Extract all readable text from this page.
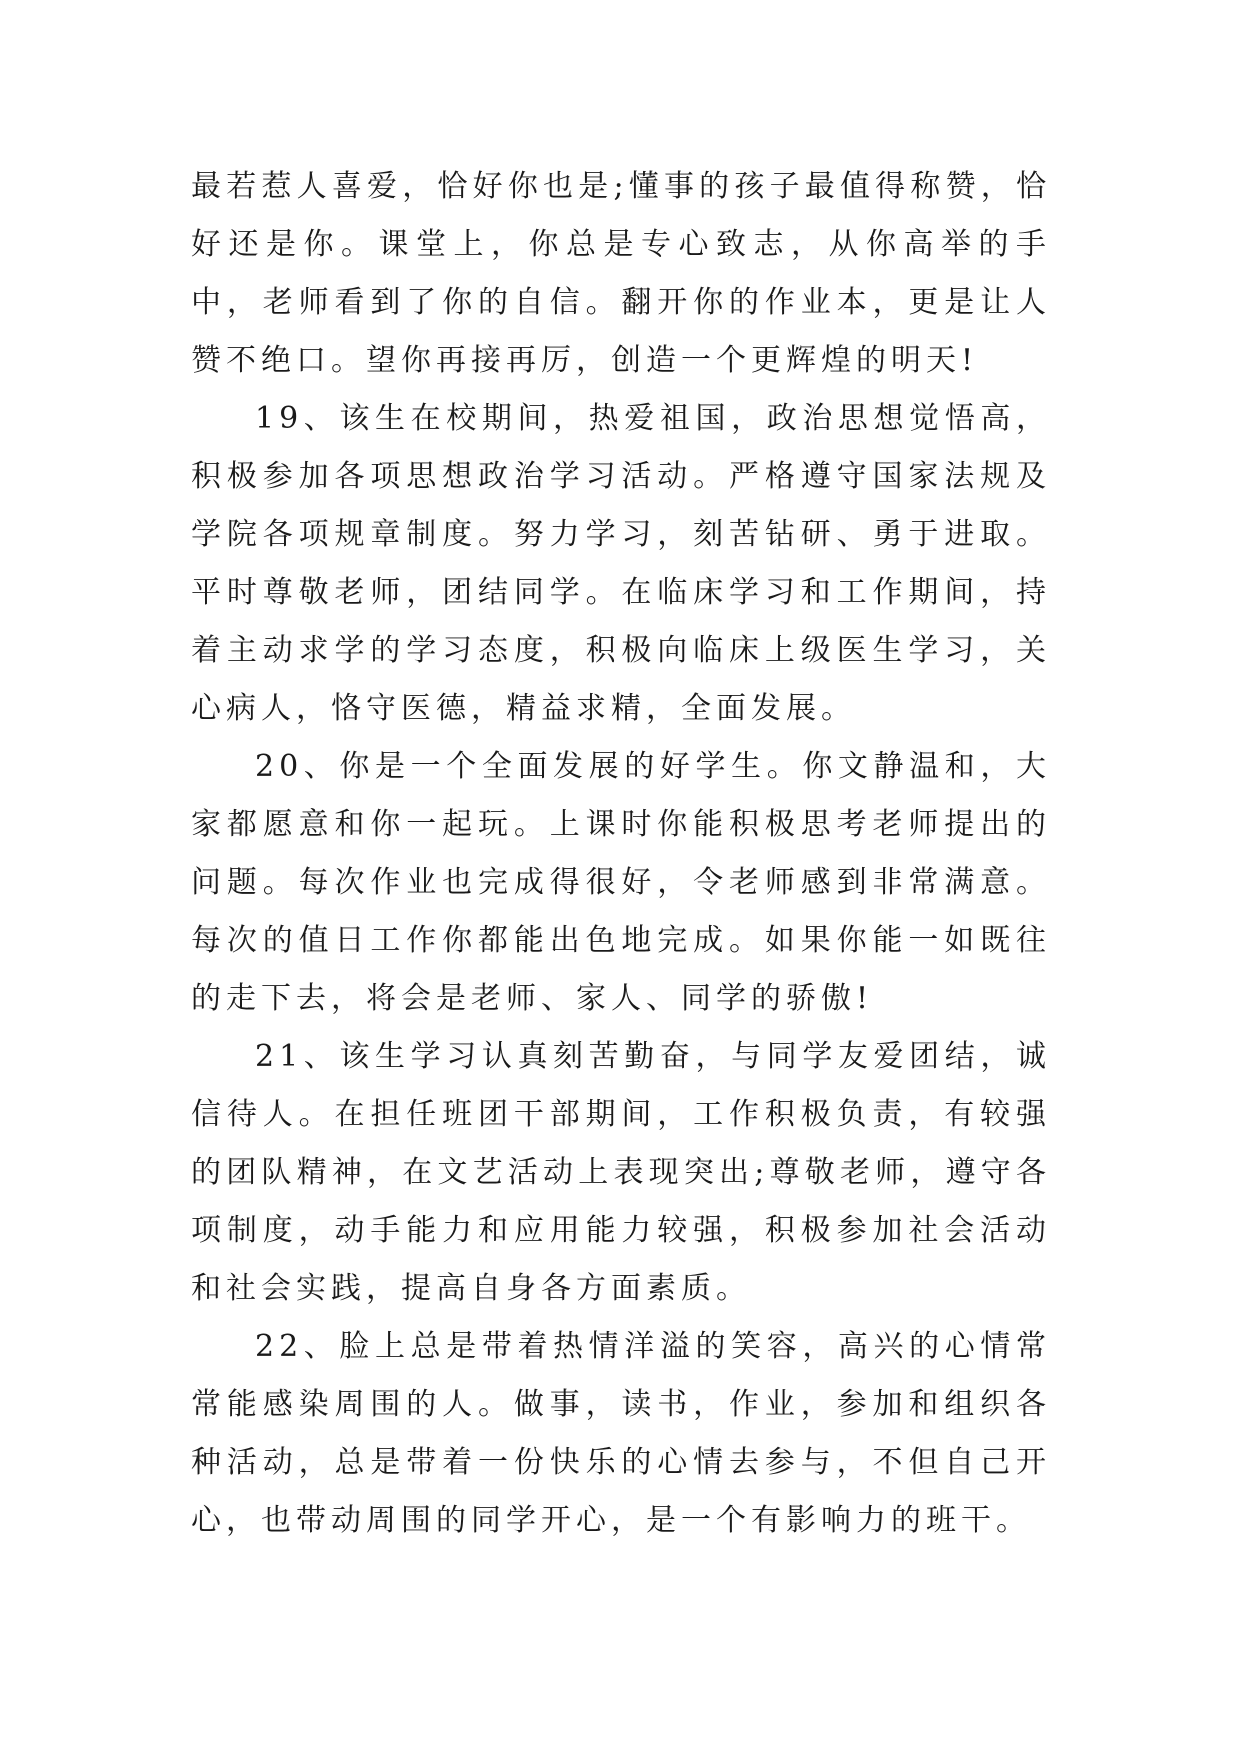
最若惹人喜爱，恰好你也是;懂事的孩子最值得称赞，恰好还是你。课堂上，你总是专心致志，从你高举的手中，老师看到了你的自信。翻开你的作业本，更是让人赞不绝口。望你再接再厉，创造一个更辉煌的明天!

19、该生在校期间，热爱祖国，政治思想觉悟高，积极参加各项思想政治学习活动。严格遵守国家法规及学院各项规章制度。努力学习，刻苦钻研、勇于进取。平时尊敬老师，团结同学。在临床学习和工作期间，持着主动求学的学习态度，积极向临床上级医生学习，关心病人，恪守医德，精益求精，全面发展。

20、你是一个全面发展的好学生。你文静温和，大家都愿意和你一起玩。上课时你能积极思考老师提出的问题。每次作业也完成得很好，令老师感到非常满意。每次的值日工作你都能出色地完成。如果你能一如既往的走下去，将会是老师、家人、同学的骄傲!

21、该生学习认真刻苦勤奋，与同学友爱团结，诚信待人。在担任班团干部期间，工作积极负责，有较强的团队精神，在文艺活动上表现突出;尊敬老师，遵守各项制度，动手能力和应用能力较强，积极参加社会活动和社会实践，提高自身各方面素质。

22、脸上总是带着热情洋溢的笑容，高兴的心情常常能感染周围的人。做事，读书，作业，参加和组织各种活动，总是带着一份快乐的心情去参与，不但自己开心，也带动周围的同学开心，是一个有影响力的班干。
